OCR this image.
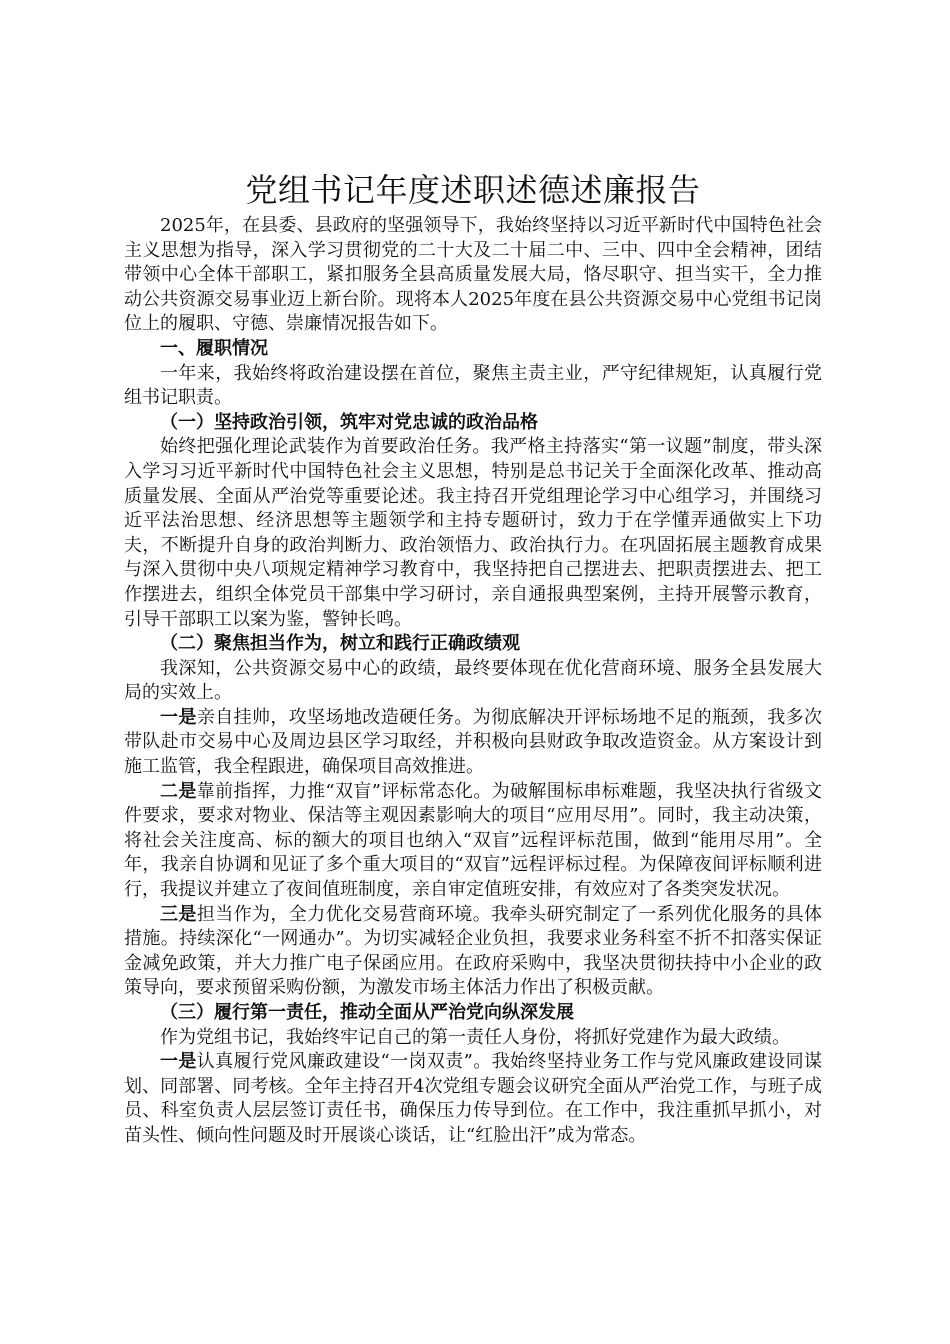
党组书记年度述职述德述廉报告

2025年，在县委、县政府的坚强领导下，我始终坚持以习近平新时代中国特色社会主义思想为指导，深入学习贯彻党的二十大及二十届二中、三中、四中全会精神，团结带领中心全体干部职工，紧扣服务全县高质量发展大局，恪尽职守、担当实干，全力推动公共资源交易事业迈上新台阶。现将本人2025年度在县公共资源交易中心党组书记岗位上的履职、守德、崇廉情况报告如下。

一、履职情况

一年来，我始终将政治建设摆在首位，聚焦主责主业，严守纪律规矩，认真履行党组书记职责。

（一）坚持政治引领，筑牢对党忠诚的政治品格

始终把强化理论武装作为首要政治任务。我严格主持落实“第一议题”制度，带头深入学习习近平新时代中国特色社会主义思想，特别是总书记关于全面深化改革、推动高质量发展、全面从严治党等重要论述。我主持召开党组理论学习中心组学习，并围绕习近平法治思想、经济思想等主题领学和主持专题研讨，致力于在学懂弄通做实上下功夫，不断提升自身的政治判断力、政治领悟力、政治执行力。在巩固拓展主题教育成果与深入贯彻中央八项规定精神学习教育中，我坚持把自己摆进去、把职责摆进去、把工作摆进去，组织全体党员干部集中学习研讨，亲自通报典型案例，主持开展警示教育，引导干部职工以案为鉴，警钟长鸣。

（二）聚焦担当作为，树立和践行正确政绩观

我深知，公共资源交易中心的政绩，最终要体现在优化营商环境、服务全县发展大局的实效上。

一是亲自挂帅，攻坚场地改造硬任务。为彻底解决开评标场地不足的瓶颈，我多次带队赴市交易中心及周边县区学习取经，并积极向县财政争取改造资金。从方案设计到施工监管，我全程跟进，确保项目高效推进。

二是靠前指挥，力推“双盲”评标常态化。为破解围标串标难题，我坚决执行省级文件要求，要求对物业、保洁等主观因素影响大的项目“应用尽用”。同时，我主动决策，将社会关注度高、标的额大的项目也纳入“双盲”远程评标范围，做到“能用尽用”。全年，我亲自协调和见证了多个重大项目的“双盲”远程评标过程。为保障夜间评标顺利进行，我提议并建立了夜间值班制度，亲自审定值班安排，有效应对了各类突发状况。

三是担当作为，全力优化交易营商环境。我牵头研究制定了一系列优化服务的具体措施。持续深化“一网通办”。为切实减轻企业负担，我要求业务科室不折不扣落实保证金减免政策，并大力推广电子保函应用。在政府采购中，我坚决贯彻扶持中小企业的政策导向，要求预留采购份额，为激发市场主体活力作出了积极贡献。

（三）履行第一责任，推动全面从严治党向纵深发展

作为党组书记，我始终牢记自己的第一责任人身份，将抓好党建作为最大政绩。

一是认真履行党风廉政建设“一岗双责”。我始终坚持业务工作与党风廉政建设同谋划、同部署、同考核。全年主持召开4次党组专题会议研究全面从严治党工作，与班子成员、科室负责人层层签订责任书，确保压力传导到位。在工作中，我注重抓早抓小，对苗头性、倾向性问题及时开展谈心谈话，让“红脸出汗”成为常态。
